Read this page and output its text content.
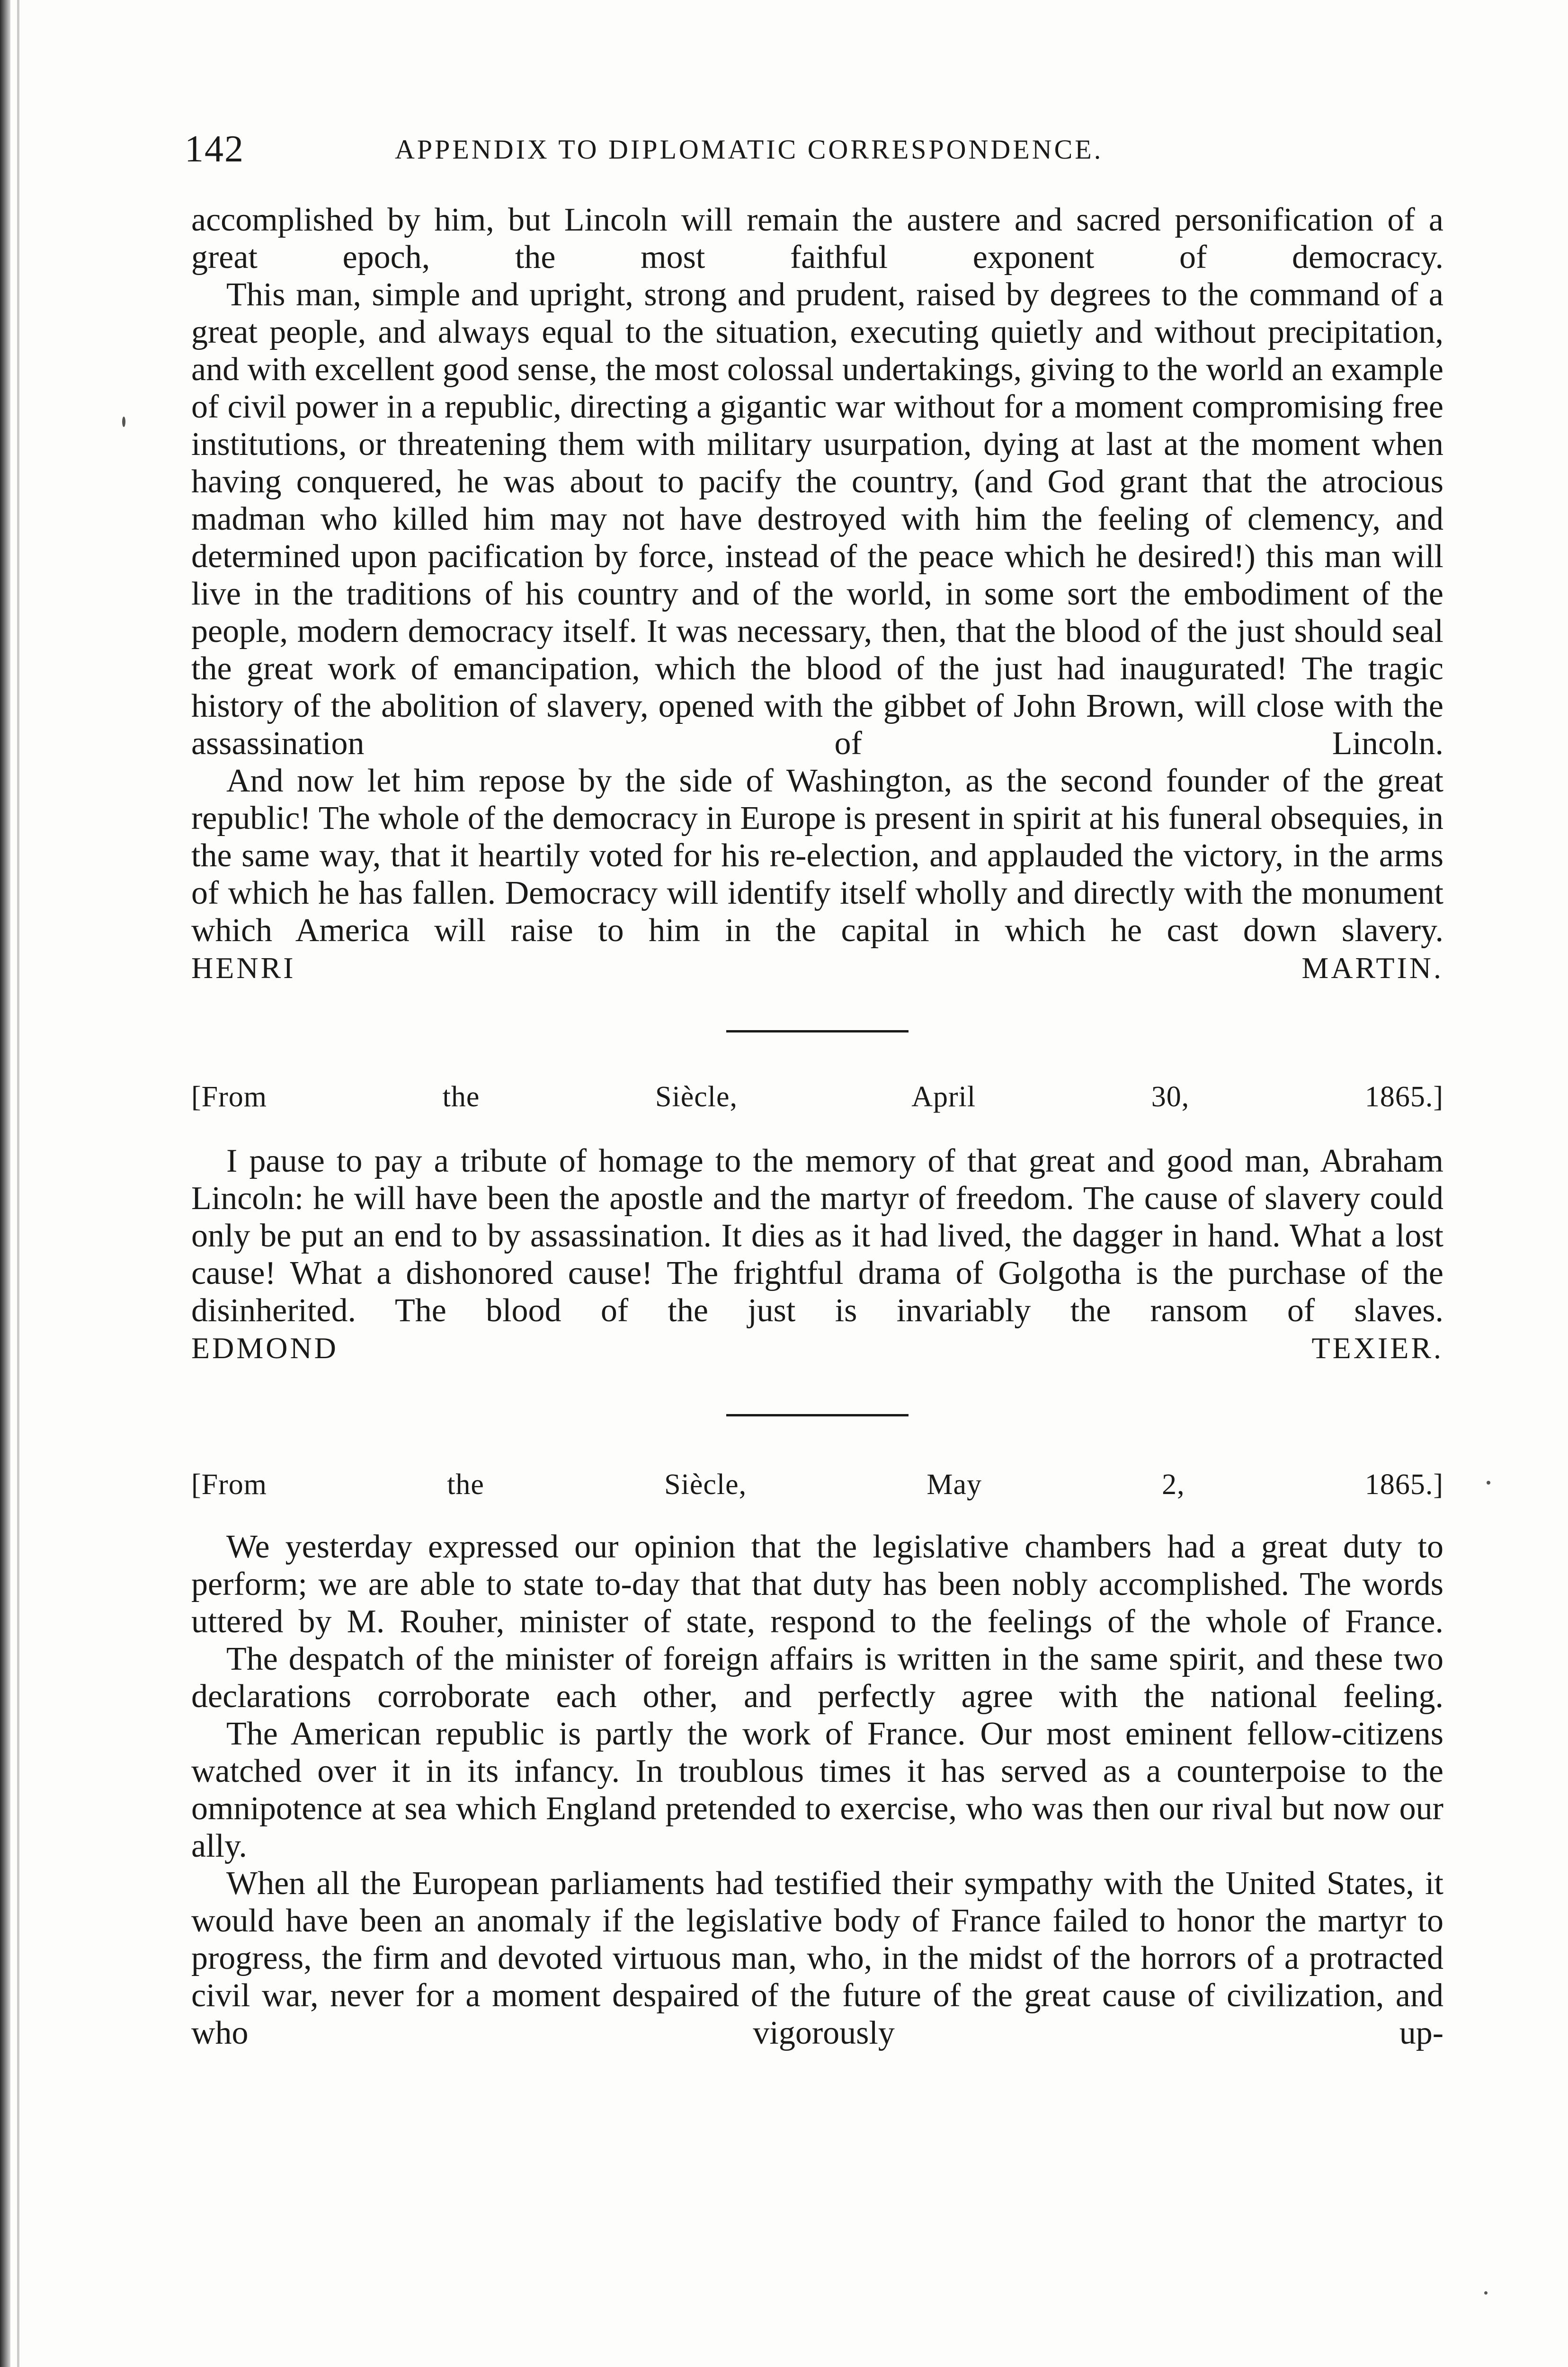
142	APPENDIX TO DIPLOMATIC CORRESPONDENCE.

accomplished by him, but Lincoln will remain the austere and sacred personification of a great epoch, the most faithful exponent of democracy.

This man, simple and upright, strong and prudent, raised by degrees to the command of a great people, and always equal to the situation, executing quietly and without precipitation, and with excellent good sense, the most colossal undertakings, giving to the world an example of civil power in a republic, directing a gigantic war without for a moment compromising free institutions, or threatening them with military usurpation, dying at last at the moment when having conquered, he was about to pacify the country, (and God grant that the atrocious madman who killed him may not have destroyed with him the feeling of clemency, and determined upon pacification by force, instead of the peace which he desired!) this man will live in the traditions of his country and of the world, in some sort the embodiment of the people, modern democracy itself. It was necessary, then, that the blood of the just should seal the great work of emancipation, which the blood of the just had inaugurated! The tragic history of the abolition of slavery, opened with the gibbet of John Brown, will close with the assassination of Lincoln.

And now let him repose by the side of Washington, as the second founder of the great republic! The whole of the democracy in Europe is present in spirit at his funeral obsequies, in the same way, that it heartily voted for his re-election, and applauded the victory, in the arms of which he has fallen. Democracy will identify itself wholly and directly with the monument which America will raise to him in the capital in which he cast down slavery.

HENRI MARTIN.

[From the Siècle, April 30, 1865.]

I pause to pay a tribute of homage to the memory of that great and good man, Abraham Lincoln: he will have been the apostle and the martyr of freedom. The cause of slavery could only be put an end to by assassination. It dies as it had lived, the dagger in hand. What a lost cause! What a dishonored cause! The frightful drama of Golgotha is the purchase of the disinherited. The blood of the just is invariably the ransom of slaves.

EDMOND TEXIER.

[From the Siècle, May 2, 1865.]

We yesterday expressed our opinion that the legislative chambers had a great duty to perform; we are able to state to-day that that duty has been nobly accomplished. The words uttered by M. Rouher, minister of state, respond to the feelings of the whole of France.

The despatch of the minister of foreign affairs is written in the same spirit, and these two declarations corroborate each other, and perfectly agree with the national feeling.

The American republic is partly the work of France. Our most eminent fellow-citizens watched over it in its infancy. In troublous times it has served as a counterpoise to the omnipotence at sea which England pretended to exercise, who was then our rival but now our ally.

When all the European parliaments had testified their sympathy with the United States, it would have been an anomaly if the legislative body of France failed to honor the martyr to progress, the firm and devoted virtuous man, who, in the midst of the horrors of a protracted civil war, never for a moment despaired of the future of the great cause of civilization, and who vigorously up-
